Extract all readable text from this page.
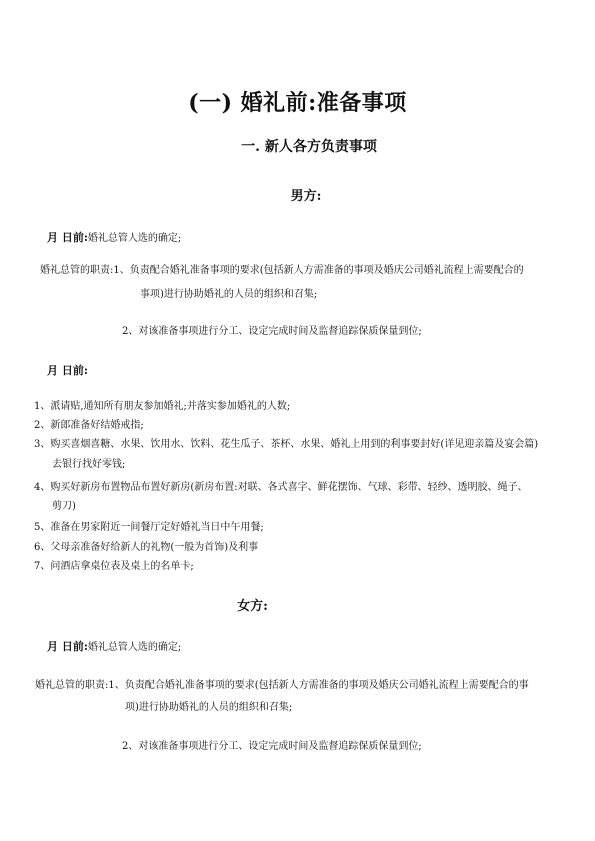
(一) 婚礼前:准备事项
一. 新人各方负责事项
男方:
月 日前:婚礼总管人选的确定;
婚礼总管的职责:1、负责配合婚礼准备事项的要求(包括新人方需准备的事项及婚庆公司婚礼流程上需要配合的
事项)进行协助婚礼的人员的组织和召集;
2、对该准备事项进行分工、设定完成时间及监督追踪保质保量到位;
月 日前:
1、派请贴,通知所有朋友参加婚礼;并落实参加婚礼的人数;
2、新郎准备好结婚戒指;
3、购买喜烟喜糖、水果、饮用水、饮料、花生瓜子、茶杯、水果、婚礼上用到的利事要封好(详见迎亲篇及宴会篇)
去银行找好零钱;
4、购买好新房布置物品布置好新房(新房布置:对联、各式喜字、鲜花摆饰、气球、彩带、轻纱、透明胶、绳子、
剪刀)
5、准备在男家附近一间餐厅定好婚礼当日中午用餐;
6、父母亲准备好给新人的礼物(一般为首饰)及利事
7、问酒店拿桌位表及桌上的名单卡;
女方:
月 日前:婚礼总管人选的确定;
婚礼总管的职责:1、负责配合婚礼准备事项的要求(包括新人方需准备的事项及婚庆公司婚礼流程上需要配合的事
项)进行协助婚礼的人员的组织和召集;
2、对该准备事项进行分工、设定完成时间及监督追踪保质保量到位;
